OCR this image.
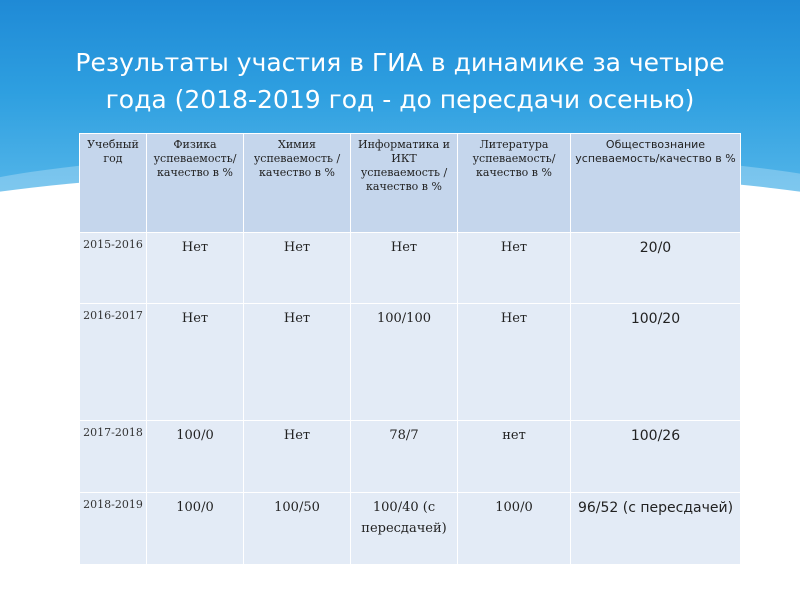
Результаты участия в ГИА в динамике за четыре
года (2018-2019 год - до пересдачи осенью)
Учебный год	Физика успеваемость/качество в %	Химия успеваемость /качество в %	Информатика и ИКТ успеваемость /качество в %	Литература успеваемость/ качество в %	Обществознание успеваемость/качество в %
2015-2016	Нет	Нет	Нет	Нет	20/0
2016-2017	Нет	Нет	100/100	Нет	100/20
2017-2018	100/0	Нет	78/7	нет	100/26
2018-2019	100/0	100/50	100/40 (с пересдачей)	100/0	96/52 (с пересдачей)
